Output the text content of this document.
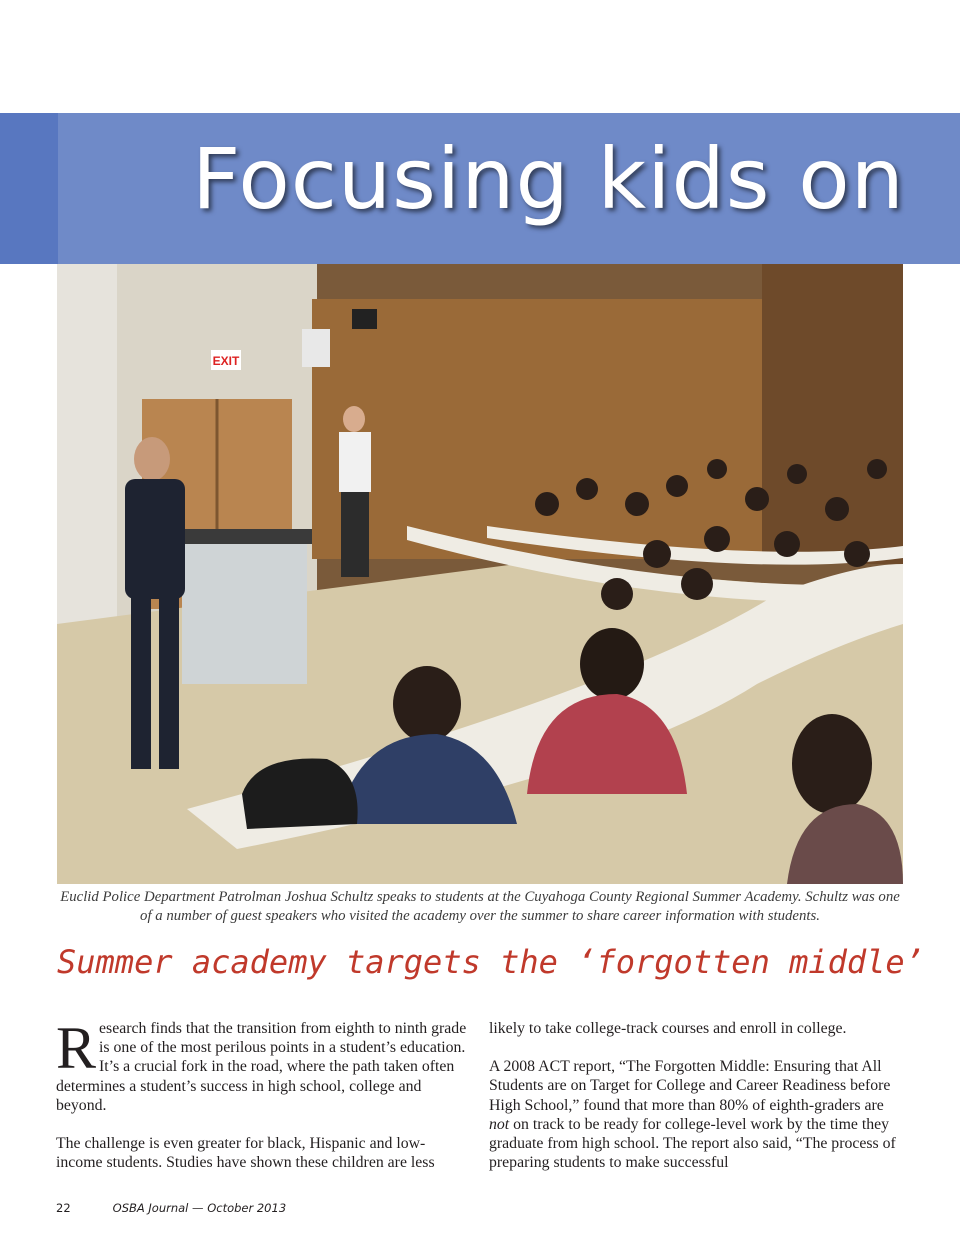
Focusing kids on
EXIT

Euclid Police Department Patrolman Joshua Schultz speaks to students at the Cuyahoga County Regional Summer Academy. Schultz was one of a number of guest speakers who visited the academy over the summer to share career information with students.

Summer academy targets the ‘forgotten middle’

Research finds that the transition from eighth to ninth grade is one of the most perilous points in a student’s education. It’s a crucial fork in the road, where the path taken often determines a student’s success in high school, college and beyond.

The challenge is even greater for black, Hispanic and low-income students. Studies have shown these children are less

likely to take college-track courses and enroll in college.

A 2008 ACT report, “The Forgotten Middle: Ensuring that All Students are on Target for College and Career Readiness before High School,” found that more than 80% of eighth-graders are not on track to be ready for college-level work by the time they graduate from high school. The report also said, “The process of preparing students to make successful

22	OSBA Journal — October 2013
